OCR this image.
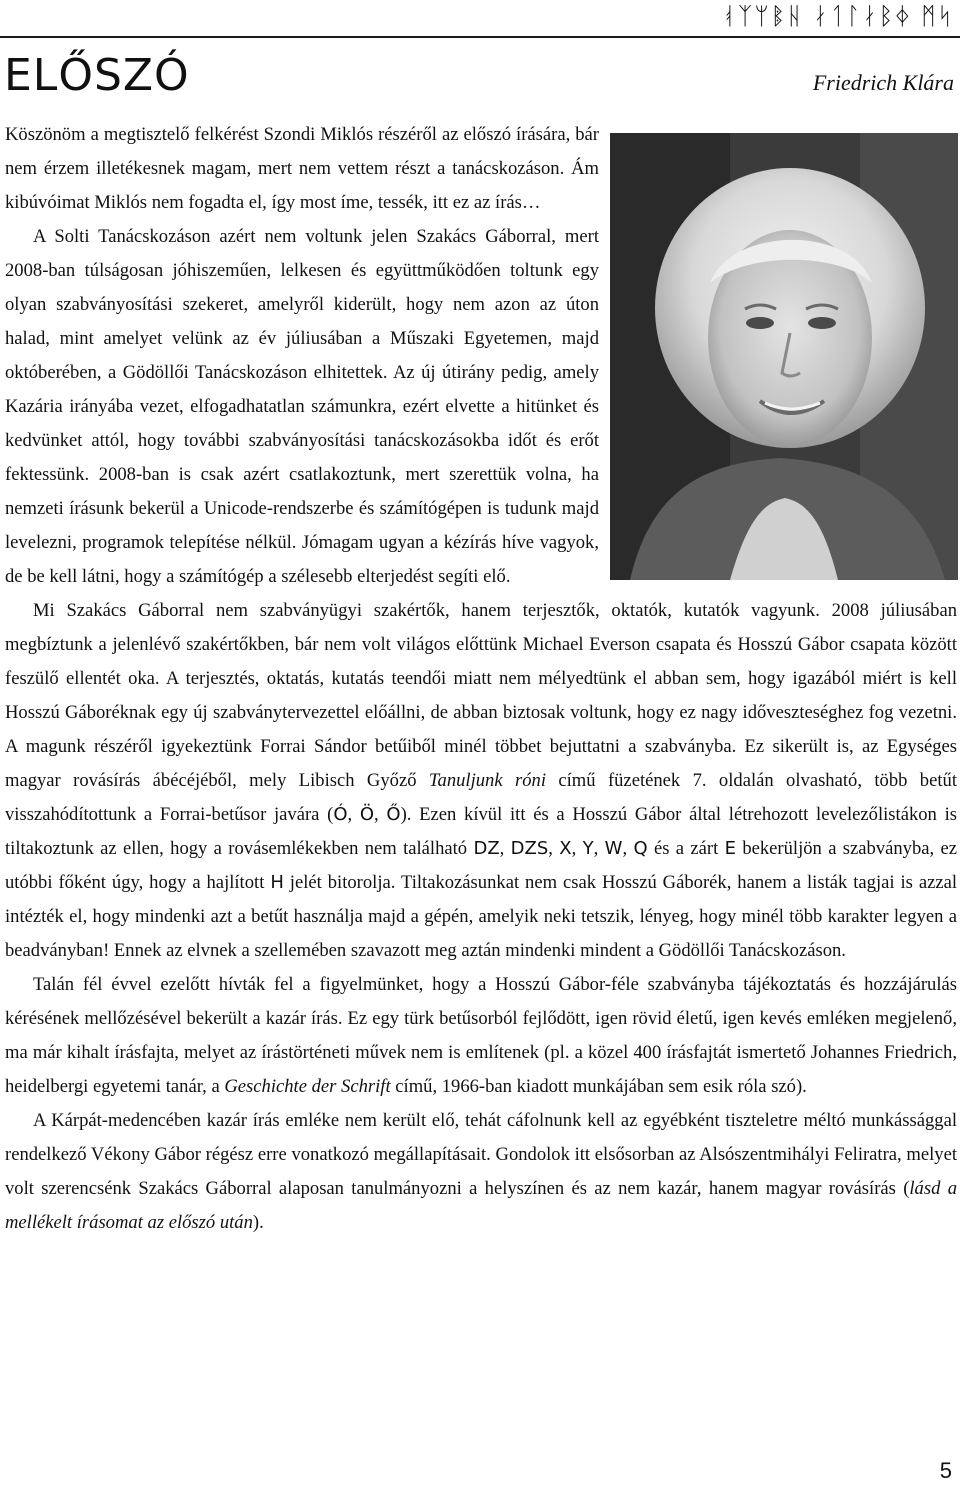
ᚮᛉᛘᛔᚺ ᛅᛐᛚᛅᛒᛄ ᛗᛋ
ELŐSZÓ	Friedrich Klára

Köszönöm a megtisztelő felkérést Szondi Miklós részéről az előszó írására, bár nem érzem illetékesnek magam, mert nem vettem részt a tanácskozáson. Ám kibúvóimat Miklós nem fogadta el, így most íme, tessék, itt ez az írás…

A Solti Tanácskozáson azért nem voltunk jelen Szakács Gáborral, mert 2008-ban túlságosan jóhiszeműen, lelkesen és együttműködően toltunk egy olyan szabványosítási szekeret, amelyről kiderült, hogy nem azon az úton halad, mint amelyet velünk az év júliusában a Műszaki Egyetemen, majd októberében, a Gödöllői Tanácskozáson elhitettek. Az új útirány pedig, amely Kazária irányába vezet, elfogadhatatlan számunkra, ezért elvette a hitünket és kedvünket attól, hogy további szabványosítási tanácskozásokba időt és erőt fektessünk. 2008-ban is csak azért csatlakoztunk, mert szerettük volna, ha nemzeti írásunk bekerül a Unicode-rendszerbe és számítógépen is tudunk majd levelezni, programok telepítése nélkül. Jómagam ugyan a kézírás híve vagyok, de be kell látni, hogy a számítógép a szélesebb elterjedést segíti elő.

Mi Szakács Gáborral nem szabványügyi szakértők, hanem terjesztők, oktatók, kutatók vagyunk. 2008 júliusában megbíztunk a jelenlévő szakértőkben, bár nem volt világos előttünk Michael Everson csapata és Hosszú Gábor csapata között feszülő ellentét oka. A terjesztés, oktatás, kutatás teendői miatt nem mélyedtünk el abban sem, hogy igazából miért is kell Hosszú Gáboréknak egy új szabványtervezettel előállni, de abban biztosak voltunk, hogy ez nagy időveszteséghez fog vezetni. A magunk részéről igyekeztünk Forrai Sándor betűiből minél többet bejuttatni a szabványba. Ez sikerült is, az Egységes magyar rovásírás ábécéjéből, mely Libisch Győző Tanuljunk róni című füzetének 7. oldalán olvasható, több betűt visszahódítottunk a Forrai-betűsor javára (Ó, Ö, Ő). Ezen kívül itt és a Hosszú Gábor által létrehozott levelezőlistákon is tiltakoztunk az ellen, hogy a rovásemlékekben nem található DZ, DZS, X, Y, W, Q és a zárt E bekerüljön a szabványba, ez utóbbi főként úgy, hogy a hajlított H jelét bitorolja. Tiltakozásunkat nem csak Hosszú Gáborék, hanem a listák tagjai is azzal intézték el, hogy mindenki azt a betűt használja majd a gépén, amelyik neki tetszik, lényeg, hogy minél több karakter legyen a beadványban! Ennek az elvnek a szellemében szavazott meg aztán mindenki mindent a Gödöllői Tanácskozáson.

Talán fél évvel ezelőtt hívták fel a figyelmünket, hogy a Hosszú Gábor-féle szabványba tájékoztatás és hozzájárulás kérésének mellőzésével bekerült a kazár írás. Ez egy türk betűsorból fejlődött, igen rövid életű, igen kevés emléken megjelenő, ma már kihalt írásfajta, melyet az írástörténeti művek nem is említenek (pl. a közel 400 írásfajtát ismertető Johannes Friedrich, heidelbergi egyetemi tanár, a Geschichte der Schrift című, 1966-ban kiadott munkájában sem esik róla szó).

A Kárpát-medencében kazár írás emléke nem került elő, tehát cáfolnunk kell az egyébként tiszteletre méltó munkássággal rendelkező Vékony Gábor régész erre vonatkozó megállapításait. Gondolok itt elsősorban az Alsószentmihályi Feliratra, melyet volt szerencsénk Szakács Gáborral alaposan tanulmányozni a helyszínen és az nem kazár, hanem magyar rovásírás (lásd a mellékelt írásomat az előszó után).

5
